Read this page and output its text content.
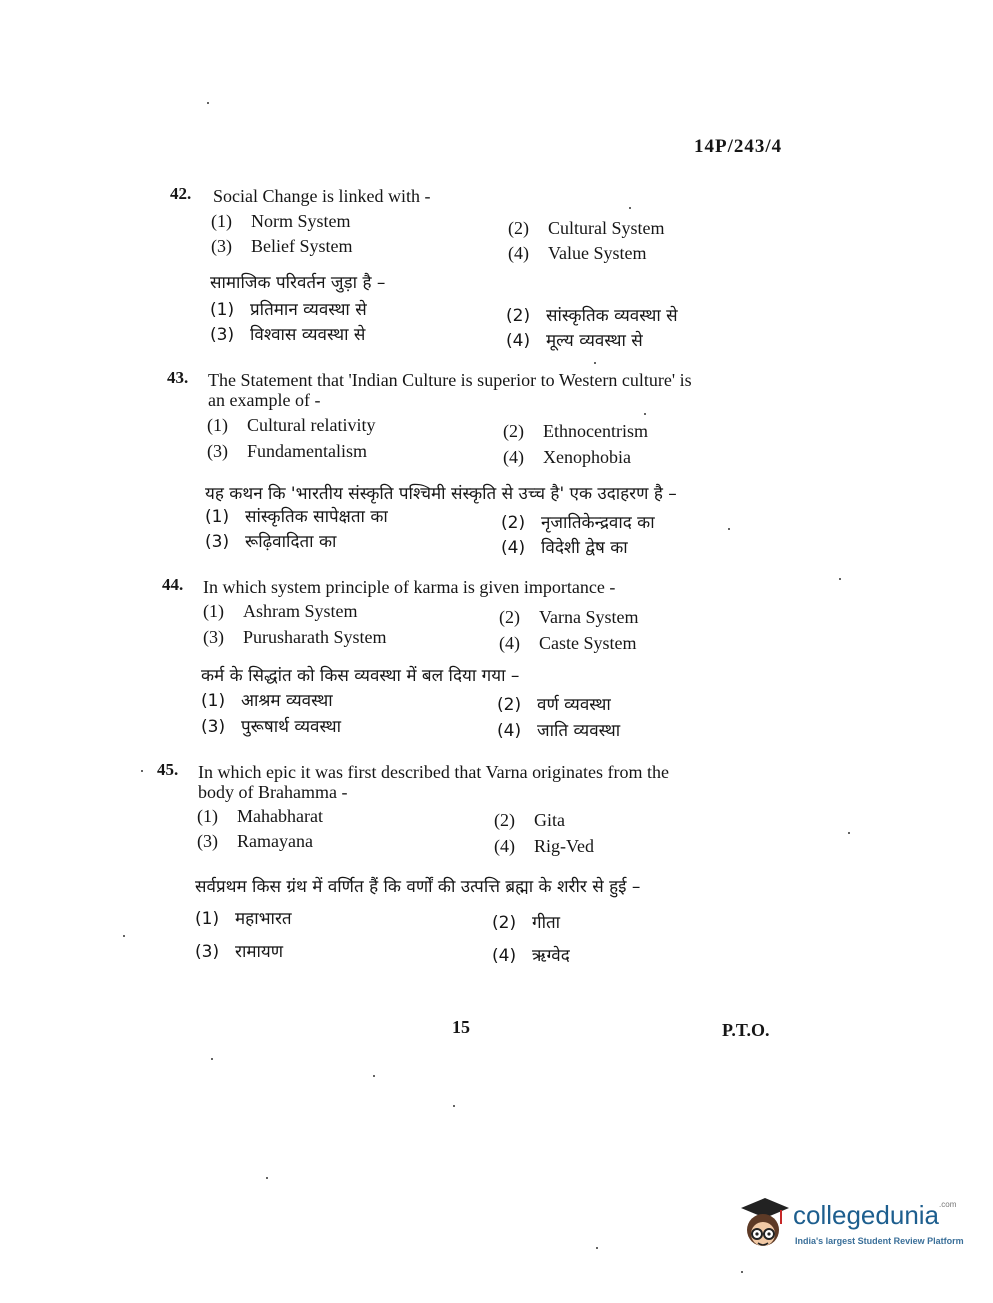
14P/243/4
42. Social Change is linked with -
(1) Norm System	(2) Cultural System
(3) Belief System	(4) Value System
सामाजिक परिवर्तन जुड़ा है –
(1) प्रतिमान व्यवस्था से	(2) सांस्कृतिक व्यवस्था से
(3) विश्वास व्यवस्था से	(4) मूल्य व्यवस्था से
43. The Statement that 'Indian Culture is superior to Western culture' is
an example of -
(1) Cultural relativity	(2) Ethnocentrism
(3) Fundamentalism	(4) Xenophobia
यह कथन कि 'भारतीय संस्कृति पश्चिमी संस्कृति से उच्च है' एक उदाहरण है –
(1) सांस्कृतिक सापेक्षता का	(2) नृजातिकेन्द्रवाद का
(3) रूढ़िवादिता का	(4) विदेशी द्वेष का
44. In which system principle of karma is given importance -
(1) Ashram System	(2) Varna System
(3) Purusharath System	(4) Caste System
कर्म के सिद्धांत को किस व्यवस्था में बल दिया गया –
(1) आश्रम व्यवस्था	(2) वर्ण व्यवस्था
(3) पुरूषार्थ व्यवस्था	(4) जाति व्यवस्था
45. In which epic it was first described that Varna originates from the
body of Brahamma -
(1) Mahabharat	(2) Gita
(3) Ramayana	(4) Rig-Ved
सर्वप्रथम किस ग्रंथ में वर्णित हैं कि वर्णों की उत्पत्ति ब्रह्मा के शरीर से हुई –
(1) महाभारत	(2) गीता
(3) रामायण	(4) ऋग्वेद
15	P.T.O.
collegedunia$^{.com}$
India's largest Student Review Platform
